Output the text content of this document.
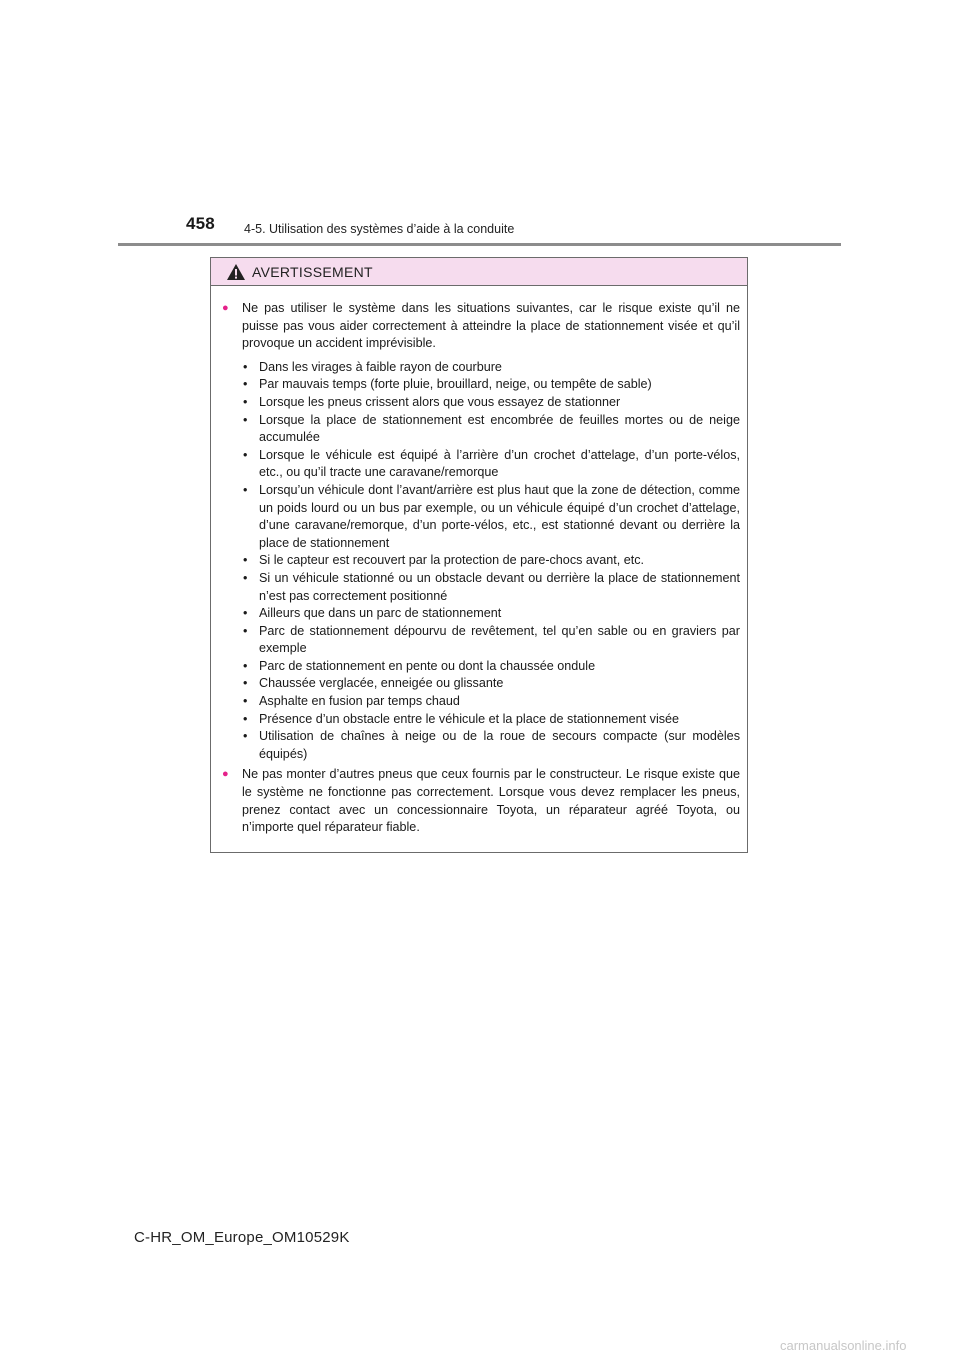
458 4-5. Utilisation des systèmes d’aide à la conduite
AVERTISSEMENT
●	Ne pas utiliser le système dans les situations suivantes, car le risque existe qu’il ne puisse pas vous aider correctement à atteindre la place de stationnement visée et qu’il provoque un accident imprévisible.
• Dans les virages à faible rayon de courbure
• Par mauvais temps (forte pluie, brouillard, neige, ou tempête de sable)
• Lorsque les pneus crissent alors que vous essayez de stationner
• Lorsque la place de stationnement est encombrée de feuilles mortes ou de neige accumulée
• Lorsque le véhicule est équipé à l’arrière d’un crochet d’attelage, d’un porte-vélos, etc., ou qu’il tracte une caravane/remorque
• Lorsqu’un véhicule dont l’avant/arrière est plus haut que la zone de détection, comme un poids lourd ou un bus par exemple, ou un véhicule équipé d’un crochet d’attelage, d’une caravane/remorque, d’un porte-vélos, etc., est stationné devant ou derrière la place de stationnement
• Si le capteur est recouvert par la protection de pare-chocs avant, etc.
• Si un véhicule stationné ou un obstacle devant ou derrière la place de stationnement n’est pas correctement positionné
• Ailleurs que dans un parc de stationnement
• Parc de stationnement dépourvu de revêtement, tel qu’en sable ou en graviers par exemple
• Parc de stationnement en pente ou dont la chaussée ondule
• Chaussée verglacée, enneigée ou glissante
• Asphalte en fusion par temps chaud
• Présence d’un obstacle entre le véhicule et la place de stationnement visée
• Utilisation de chaînes à neige ou de la roue de secours compacte (sur modèles équipés)
●	Ne pas monter d’autres pneus que ceux fournis par le constructeur. Le risque existe que le système ne fonctionne pas correctement. Lorsque vous devez remplacer les pneus, prenez contact avec un concessionnaire Toyota, un réparateur agréé Toyota, ou n’importe quel réparateur fiable.
C-HR_OM_Europe_OM10529K
carmanualsonline.info
